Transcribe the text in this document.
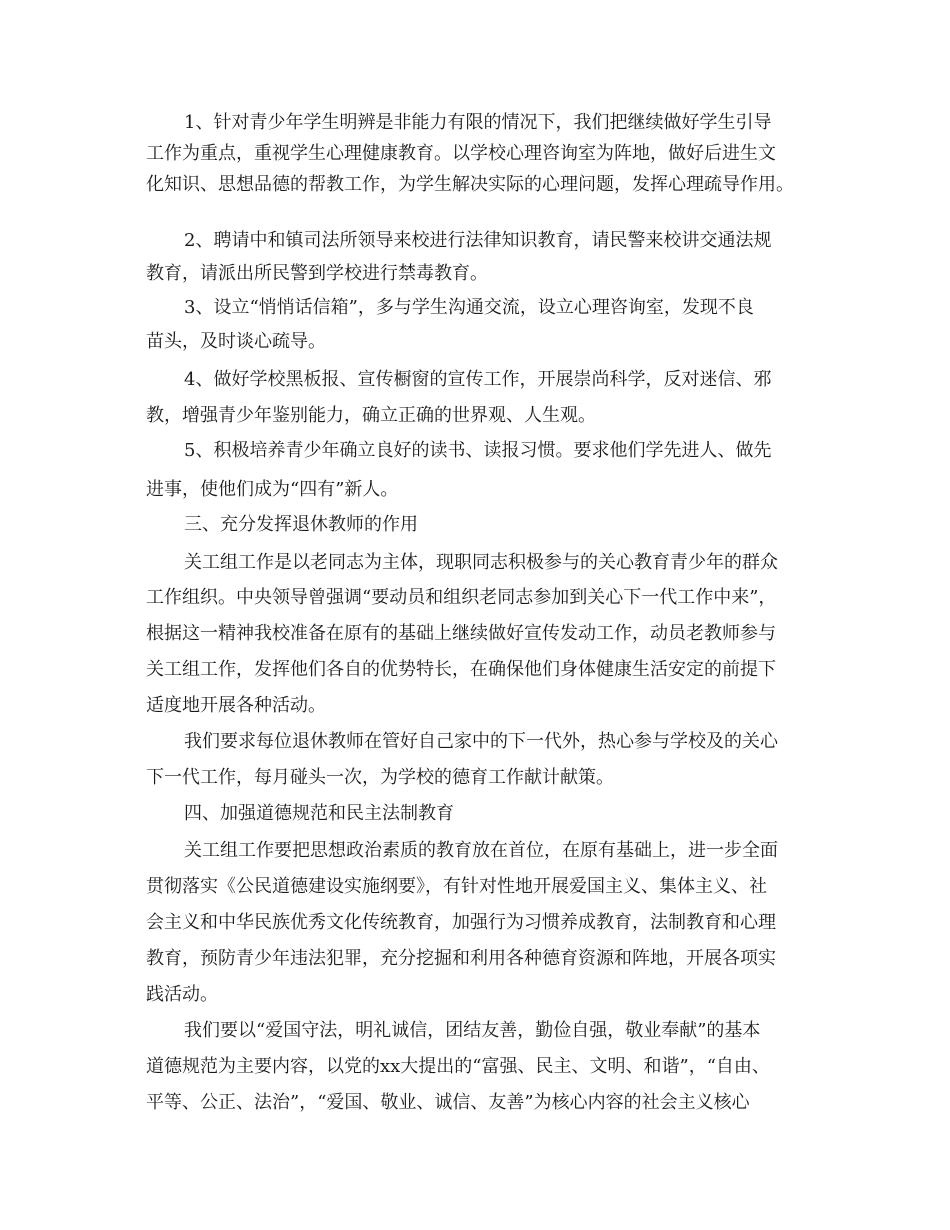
1、针对青少年学生明辨是非能力有限的情况下，我们把继续做好学生引导
工作为重点，重视学生心理健康教育。以学校心理咨询室为阵地，做好后进生文
化知识、思想品德的帮教工作，为学生解决实际的心理问题，发挥心理疏导作用。
2、聘请中和镇司法所领导来校进行法律知识教育，请民警来校讲交通法规
教育，请派出所民警到学校进行禁毒教育。
3、设立“悄悄话信箱”，多与学生沟通交流，设立心理咨询室，发现不良
苗头，及时谈心疏导。
4、做好学校黑板报、宣传橱窗的宣传工作，开展崇尚科学，反对迷信、邪
教，增强青少年鉴别能力，确立正确的世界观、人生观。
5、积极培养青少年确立良好的读书、读报习惯。要求他们学先进人、做先
进事，使他们成为“四有”新人。
三、充分发挥退休教师的作用
关工组工作是以老同志为主体，现职同志积极参与的关心教育青少年的群众
工作组织。中央领导曾强调“要动员和组织老同志参加到关心下一代工作中来”，
根据这一精神我校准备在原有的基础上继续做好宣传发动工作，动员老教师参与
关工组工作，发挥他们各自的优势特长，在确保他们身体健康生活安定的前提下
适度地开展各种活动。
我们要求每位退休教师在管好自己家中的下一代外，热心参与学校及的关心
下一代工作，每月碰头一次，为学校的德育工作献计献策。
四、加强道德规范和民主法制教育
关工组工作要把思想政治素质的教育放在首位，在原有基础上，进一步全面
贯彻落实《公民道德建设实施纲要》，有针对性地开展爱国主义、集体主义、社
会主义和中华民族优秀文化传统教育，加强行为习惯养成教育，法制教育和心理
教育，预防青少年违法犯罪，充分挖掘和利用各种德育资源和阵地，开展各项实
践活动。
我们要以“爱国守法，明礼诚信，团结友善，勤俭自强，敬业奉献”的基本
道德规范为主要内容，以党的xx大提出的“富强、民主、文明、和谐”，“自由、
平等、公正、法治”，“爱国、敬业、诚信、友善”为核心内容的社会主义核心
